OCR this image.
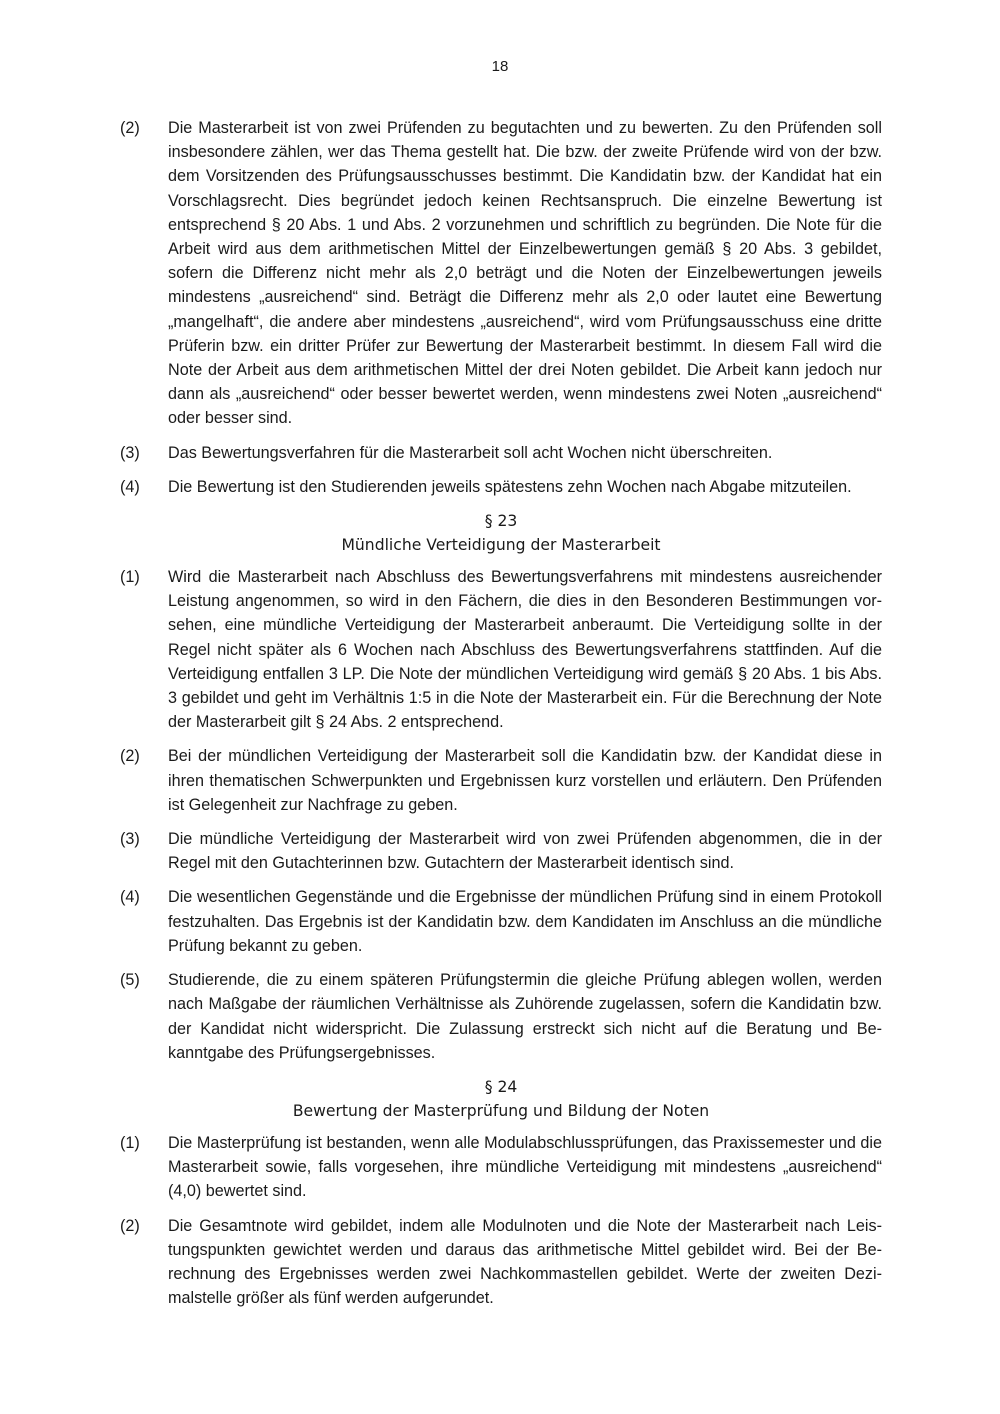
18
(2)	Die Masterarbeit ist von zwei Prüfenden zu begutachten und zu bewerten. Zu den Prüfenden soll insbesondere zählen, wer das Thema gestellt hat. Die bzw. der zweite Prüfende wird von der bzw. dem Vorsitzenden des Prüfungsausschusses bestimmt. Die Kandidatin bzw. der Kandidat hat ein Vorschlagsrecht. Dies begründet jedoch keinen Rechtsanspruch. Die einzelne Bewertung ist entsprechend § 20 Abs. 1 und Abs. 2 vorzunehmen und schriftlich zu begründen. Die Note für die Arbeit wird aus dem arithmetischen Mittel der Einzelbewertungen gemäß § 20 Abs. 3 gebildet, sofern die Differenz nicht mehr als 2,0 beträgt und die Noten der Einzelbewertungen jeweils mindestens „ausreichend“ sind. Beträgt die Differenz mehr als 2,0 oder lautet eine Bewertung „mangelhaft“, die andere aber mindestens „ausreichend“, wird vom Prüfungsausschuss eine dritte Prüferin bzw. ein dritter Prüfer zur Bewertung der Masterarbeit bestimmt. In diesem Fall wird die Note der Arbeit aus dem arithmetischen Mittel der drei Noten gebildet. Die Arbeit kann jedoch nur dann als „ausreichend“ oder besser bewertet werden, wenn mindestens zwei Noten „ausreichend“ oder besser sind.
(3)	Das Bewertungsverfahren für die Masterarbeit soll acht Wochen nicht überschreiten.
(4)	Die Bewertung ist den Studierenden jeweils spätestens zehn Wochen nach Abgabe mitzuteilen.
§ 23
Mündliche Verteidigung der Masterarbeit
(1)	Wird die Masterarbeit nach Abschluss des Bewertungsverfahrens mit mindestens ausreichender Leistung angenommen, so wird in den Fächern, die dies in den Besonderen Bestimmungen vorsehen, eine mündliche Verteidigung der Masterarbeit anberaumt. Die Verteidigung sollte in der Regel nicht später als 6 Wochen nach Abschluss des Bewertungsverfahrens stattfinden. Auf die Verteidigung entfallen 3 LP. Die Note der mündlichen Verteidigung wird gemäß § 20 Abs. 1 bis Abs. 3 gebildet und geht im Verhältnis 1:5 in die Note der Masterarbeit ein. Für die Berechnung der Note der Masterarbeit gilt § 24 Abs. 2 entsprechend.
(2)	Bei der mündlichen Verteidigung der Masterarbeit soll die Kandidatin bzw. der Kandidat diese in ihren thematischen Schwerpunkten und Ergebnissen kurz vorstellen und erläutern. Den Prüfenden ist Gelegenheit zur Nachfrage zu geben.
(3)	Die mündliche Verteidigung der Masterarbeit wird von zwei Prüfenden abgenommen, die in der Regel mit den Gutachterinnen bzw. Gutachtern der Masterarbeit identisch sind.
(4)	Die wesentlichen Gegenstände und die Ergebnisse der mündlichen Prüfung sind in einem Protokoll festzuhalten. Das Ergebnis ist der Kandidatin bzw. dem Kandidaten im Anschluss an die mündliche Prüfung bekannt zu geben.
(5)	Studierende, die zu einem späteren Prüfungstermin die gleiche Prüfung ablegen wollen, werden nach Maßgabe der räumlichen Verhältnisse als Zuhörende zugelassen, sofern die Kandidatin bzw. der Kandidat nicht widerspricht. Die Zulassung erstreckt sich nicht auf die Beratung und Bekanntgabe des Prüfungsergebnisses.
§ 24
Bewertung der Masterprüfung und Bildung der Noten
(1)	Die Masterprüfung ist bestanden, wenn alle Modulabschlussprüfungen, das Praxissemester und die Masterarbeit sowie, falls vorgesehen, ihre mündliche Verteidigung mit mindestens „ausreichend“ (4,0) bewertet sind.
(2)	Die Gesamtnote wird gebildet, indem alle Modulnoten und die Note der Masterarbeit nach Leistungspunkten gewichtet werden und daraus das arithmetische Mittel gebildet wird. Bei der Berechnung des Ergebnisses werden zwei Nachkommastellen gebildet. Werte der zweiten Dezimalstelle größer als fünf werden aufgerundet.
